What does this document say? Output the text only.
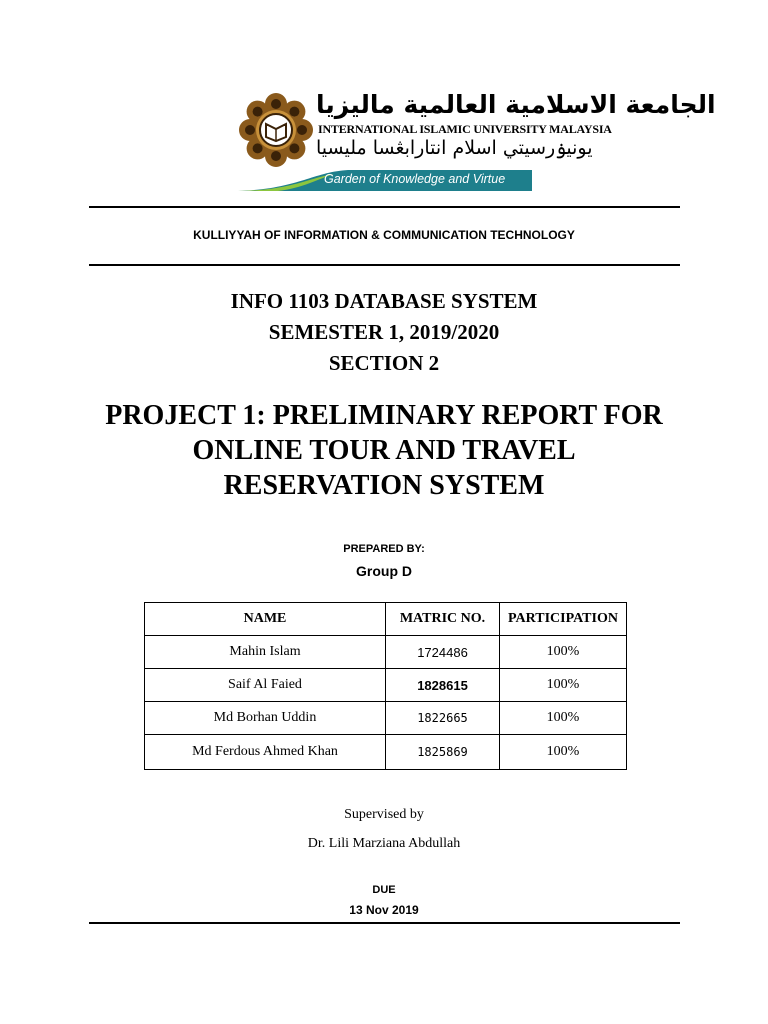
الجامعة الاسلامية العالمية ماليزيا
INTERNATIONAL ISLAMIC UNIVERSITY MALAYSIA
يونيۏرسيتي اسلام انتارابڠسا مليسيا
Garden of Knowledge and Virtue
KULLIYYAH OF INFORMATION & COMMUNICATION TECHNOLOGY
INFO 1103 DATABASE SYSTEM
SEMESTER 1, 2019/2020
SECTION 2
PROJECT 1: PRELIMINARY REPORT FOR
ONLINE TOUR AND TRAVEL
RESERVATION SYSTEM
PREPARED BY:
Group D
NAME	MATRIC NO.	PARTICIPATION
Mahin Islam	1724486	100%
Saif Al Faied	1828615	100%
Md Borhan Uddin	1822665	100%
Md Ferdous Ahmed Khan	1825869	100%
Supervised by
Dr. Lili Marziana Abdullah
DUE
13 Nov 2019
